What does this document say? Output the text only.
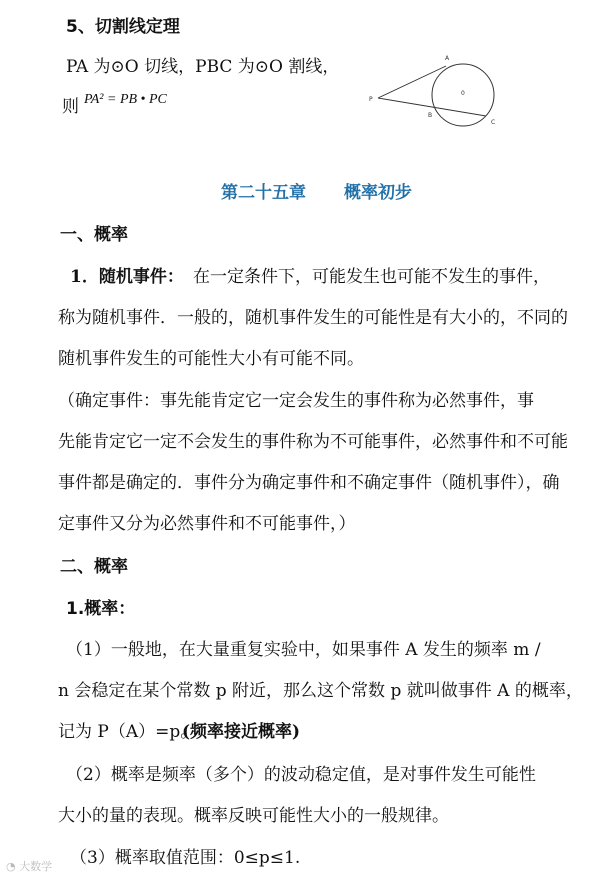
5、切割线定理
PA 为⊙O 切线，PBC 为⊙O 割线，
则 PA² = PB • PC	P
A
0
B
C
第二十五章 概率初步
一、概率
1．随机事件： 在一定条件下，可能发生也可能不发生的事件，
称为随机事件．一般的，随机事件发生的可能性是有大小的，不同的
随机事件发生的可能性大小有可能不同。
（确定事件：事先能肯定它一定会发生的事件称为必然事件，事
先能肯定它一定不会发生的事件称为不可能事件，必然事件和不可能
事件都是确定的．事件分为确定事件和不确定事件（随机事件），确
定事件又分为必然事件和不可能事件，）
二、概率
1.概率：
（1）一般地，在大量重复实验中，如果事件 A 发生的频率 m /
n 会稳定在某个常数 p 附近，那么这个常数 p 就叫做事件 A 的概率，
记为 P（A）=p。
(频率接近概率)
（2）概率是频率（多个）的波动稳定值，是对事件发生可能性
大小的量的表现。概率反映可能性大小的一般规律。
（3）概率取值范围：0≤p≤1.
◔ 大数学
